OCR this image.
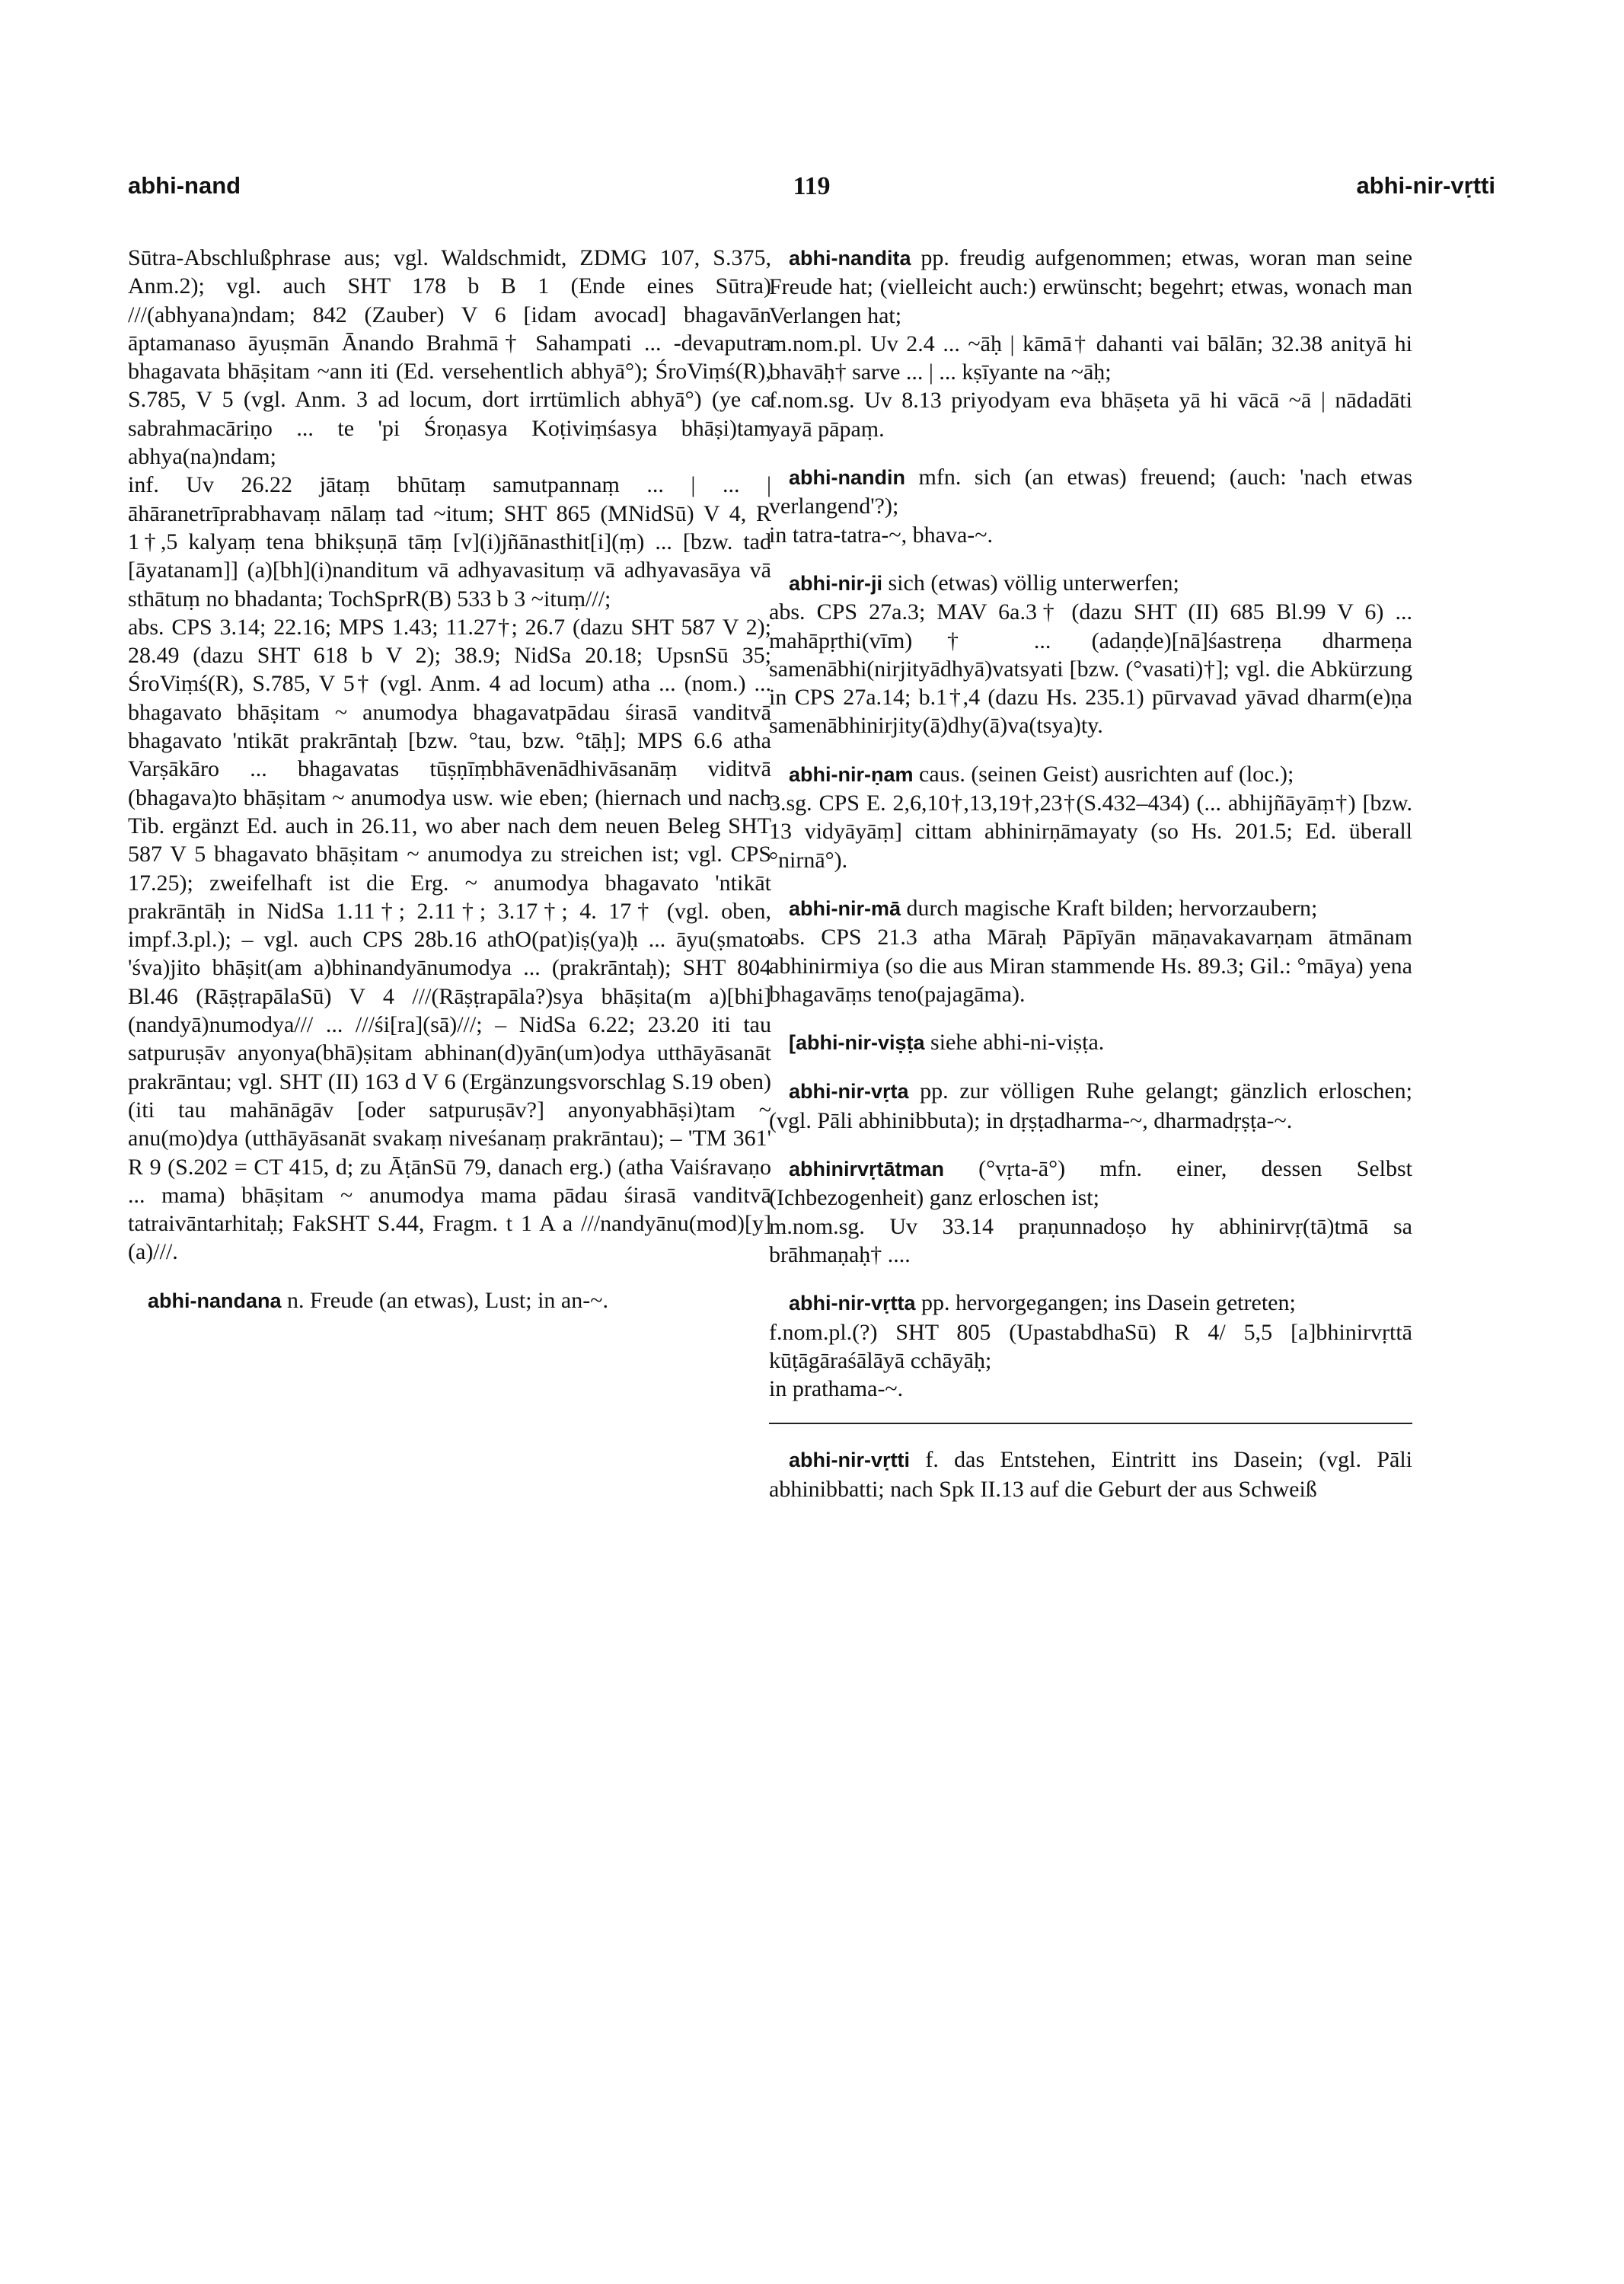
abhi-nand	119	abhi-nir-vṛtti

Sūtra-Abschlußphrase aus; vgl. Waldschmidt, ZDMG 107, S.375, Anm.2); vgl. auch SHT 178 b B 1 (Ende eines Sūtra) ///(abhyana)ndam; 842 (Zauber) V 6 [idam avocad] bhagavān āptamanaso āyuṣmān Ānando Brahmā† Sahampati ... -devaputra bhagavata bhāṣitam ~ann iti (Ed. versehentlich abhyā°); ŚroViṃś(R), S.785, V 5 (vgl. Anm. 3 ad locum, dort irrtümlich abhyā°) (ye ca sabrahmacāriṇo ... te 'pi Śroṇasya Koṭiviṃśasya bhāṣi)tam abhya(na)ndam;

inf. Uv 26.22 jātaṃ bhūtaṃ samutpannaṃ ... | ... | āhāranetrīprabhavaṃ nālaṃ tad ~itum; SHT 865 (MNidSū) V 4, R 1†,5 kalyaṃ tena bhikṣuṇā tāṃ [v](i)jñānasthit[i](ṃ) ... [bzw. tad [āyatanam]] (a)[bh](i)nanditum vā adhyavasituṃ vā adhyavasāya vā sthātuṃ no bhadanta; TochSprR(B) 533 b 3 ~ituṃ///;

abs. CPS 3.14; 22.16; MPS 1.43; 11.27†; 26.7 (dazu SHT 587 V 2); 28.49 (dazu SHT 618 b V 2); 38.9; NidSa 20.18; UpsnSū 35; ŚroViṃś(R), S.785, V 5† (vgl. Anm. 4 ad locum) atha ... (nom.) ... bhagavato bhāṣitam ~ anumodya bhagavatpādau śirasā vanditvā bhagavato 'ntikāt prakrāntaḥ [bzw. °tau, bzw. °tāḥ]; MPS 6.6 atha Varṣākāro ... bhagavatas tūṣṇīṃbhāvenādhivāsanāṃ viditvā (bhagava)to bhāṣitam ~ anumodya usw. wie eben; (hiernach und nach Tib. ergänzt Ed. auch in 26.11, wo aber nach dem neuen Beleg SHT 587 V 5 bhagavato bhāṣitam ~ anumodya zu streichen ist; vgl. CPS 17.25); zweifelhaft ist die Erg. ~ anumodya bhagavato 'ntikāt prakrāntāḥ in NidSa 1.11†; 2.11†; 3.17†; 4. 17† (vgl. oben, impf.3.pl.); – vgl. auch CPS 28b.16 athO(pat)iṣ(ya)ḥ ... āyu(ṣmato 'śva)jito bhāṣit(am a)bhinandyānumodya ... (prakrāntaḥ); SHT 804 Bl.46 (RāṣṭrapālaSū) V 4 ///(Rāṣṭrapāla?)sya bhāṣita(m a)[bhi](nandyā)numodya/// ... ///śi[ra](sā)///; – NidSa 6.22; 23.20 iti tau satpuruṣāv anyonya(bhā)ṣitam abhinan(d)yān(um)odya utthāyāsanāt prakrāntau; vgl. SHT (II) 163 d V 6 (Ergänzungsvorschlag S.19 oben) (iti tau mahānāgāv [oder satpuruṣāv?] anyonyabhāṣi)tam ~ anu(mo)dya (utthāyāsanāt svakaṃ niveśanaṃ prakrāntau); – 'TM 361' R 9 (S.202 = CT 415, d; zu ĀṭānSū 79, danach erg.) (atha Vaiśravaṇo ... mama) bhāṣitam ~ anumodya mama pādau śirasā vanditvā tatraivāntarhitaḥ; FakSHT S.44, Fragm. t 1 A a ///nandyānu(mod)[y](a)///.

abhi-nandana n. Freude (an etwas), Lust; in an-~.

abhi-nandita pp. freudig aufgenommen; etwas, woran man seine Freude hat; (vielleicht auch:) erwünscht; begehrt; etwas, wonach man Verlangen hat;

m.nom.pl. Uv 2.4 ... ~āḥ | kāmā† dahanti vai bālān; 32.38 anityā hi bhavāḥ† sarve ... | ... kṣīyante na ~āḥ;

f.nom.sg. Uv 8.13 priyodyam eva bhāṣeta yā hi vācā ~ā | nādadāti yayā pāpaṃ.

abhi-nandin mfn. sich (an etwas) freuend; (auch: 'nach etwas verlangend'?);

in tatra-tatra-~, bhava-~.

abhi-nir-ji sich (etwas) völlig unterwerfen;

abs. CPS 27a.3; MAV 6a.3† (dazu SHT (II) 685 Bl.99 V 6) ... mahāpṛthi(vīm)† ... (adaṇḍe)[nā]śastreṇa dharmeṇa samenābhi(nirjityādhyā)vatsyati [bzw. (°vasati)†]; vgl. die Abkürzung in CPS 27a.14; b.1†,4 (dazu Hs. 235.1) pūrvavad yāvad dharm(e)ṇa samenābhinirjity(ā)dhy(ā)va(tsya)ty.

abhi-nir-ṇam caus. (seinen Geist) ausrichten auf (loc.);

3.sg. CPS E. 2,6,10†,13,19†,23†(S.432–434) (... abhijñāyāṃ†) [bzw. 13 vidyāyāṃ] cittam abhinirṇāmayaty (so Hs. 201.5; Ed. überall °nirnā°).

abhi-nir-mā durch magische Kraft bilden; hervorzaubern;

abs. CPS 21.3 atha Māraḥ Pāpīyān māṇavakavarṇam ātmānam abhinirmiya (so die aus Miran stammende Hs. 89.3; Gil.: °māya) yena bhagavāṃs teno(pajagāma).

[abhi-nir-viṣṭa siehe abhi-ni-viṣṭa.

abhi-nir-vṛta pp. zur völligen Ruhe gelangt; gänzlich erloschen; (vgl. Pāli abhinibbuta); in dṛṣṭadharma-~, dharmadṛṣṭa-~.

abhinirvṛtātman (°vṛta-ā°) mfn. einer, dessen Selbst (Ichbezogenheit) ganz erloschen ist;

m.nom.sg. Uv 33.14 praṇunnadoṣo hy abhinirvṛ(tā)tmā sa brāhmaṇaḥ† ....

abhi-nir-vṛtta pp. hervorgegangen; ins Dasein getreten;

f.nom.pl.(?) SHT 805 (UpastabdhaSū) R 4/ 5,5 [a]bhinirvṛttā kūṭāgāraśālāyā cchāyāḥ;

in prathama-~.

abhi-nir-vṛtti f. das Entstehen, Eintritt ins Dasein; (vgl. Pāli abhinibbatti; nach Spk II.13 auf die Geburt der aus Schweiß
